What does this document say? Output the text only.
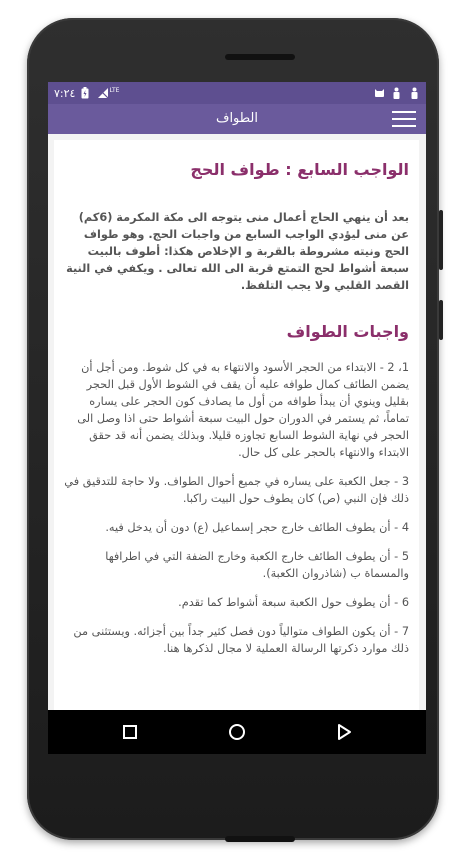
٧:٢٤	LTE
الطواف

الواجب السابع : طواف الحج

بعد أن ينهي الحاج أعمال منى يتوجه الى مكة المكرمة (6كم) عن منى ليؤدي الواجب السابع من واجبات الحج. وهو طواف الحج ونيته مشروطة بالقربة و الإخلاص هكذا: أطوف بالبيت سبعة أشواط لحج التمتع قربة الى الله تعالى . ويكفي في النية القصد القلبي ولا يجب التلفظ.

واجبات الطواف

1، 2 - الابتداء من الحجر الأسود والانتهاء به في كل شوط. ومن أجل أن يضمن الطائف كمال طوافه عليه أن يقف في الشوط الأول قبل الحجر بقليل وينوي أن يبدأ طوافه من أول ما يصادف كون الحجر على يساره تماماً، ثم يستمر في الدوران حول البيت سبعة أشواط حتى اذا وصل الى الحجر في نهاية الشوط السابع تجاوزه قليلا. وبذلك يضمن أنه قد حقق الابتداء والانتهاء بالحجر على كل حال.

3 - جعل الكعبة على يساره في جميع أحوال الطواف. ولا حاجة للتدقيق في ذلك فإن النبي (ص) كان يطوف حول البيت راكبا.

4 - أن يطوف الطائف خارج حجر إسماعيل (ع) دون أن يدخل فيه.

5 - أن يطوف الطائف خارج الكعبة وخارج الضفة التي في اطرافها والمسماة ب (شاذروان الكعبة).

6 - أن يطوف حول الكعبة سبعة أشواط كما تقدم.

7 - أن يكون الطواف متوالياً دون فصل كثير جداً بين أجزائه. ويستثنى من ذلك موارد ذكرتها الرسالة العملية لا مجال لذكرها هنا.
